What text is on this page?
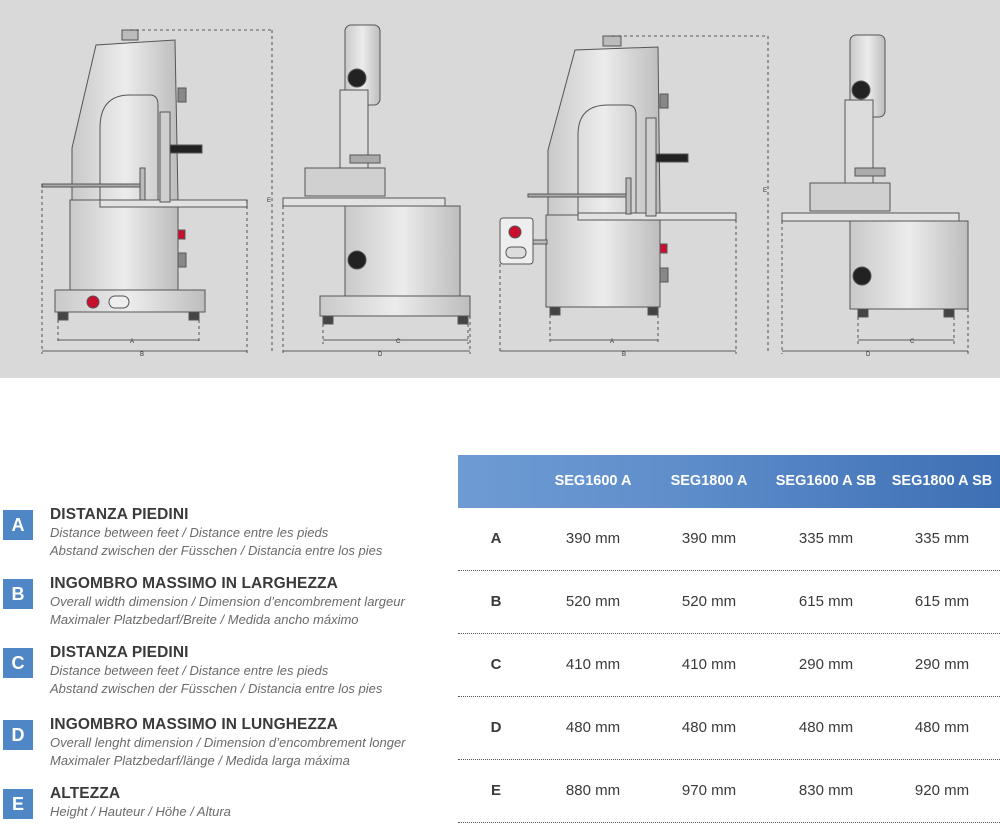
A
B
E
C
D
A
B
E
C
D
A
DISTANZA PIEDINI
Distance between feet / Distance entre les pieds
Abstand zwischen der Füsschen / Distancia entre los pies
B
INGOMBRO MASSIMO IN LARGHEZZA
Overall width dimension / Dimension d’encombrement largeur
Maximaler Platzbedarf/Breite / Medida ancho máximo
C
DISTANZA PIEDINI
Distance between feet / Distance entre les pieds
Abstand zwischen der Füsschen / Distancia entre los pies
D
INGOMBRO MASSIMO IN LUNGHEZZA
Overall lenght dimension / Dimension d’encombrement longer
Maximaler Platzbedarf/länge / Medida larga máxima
E
ALTEZZA
Height / Hauteur / Höhe / Altura
SEG1600 A	SEG1800 A	SEG1600 A SB	SEG1800 A SB
A	390 mm	390 mm	335 mm	335 mm
B	520 mm	520 mm	615 mm	615 mm
C	410 mm	410 mm	290 mm	290 mm
D	480 mm	480 mm	480 mm	480 mm
E	880 mm	970 mm	830 mm	920 mm
